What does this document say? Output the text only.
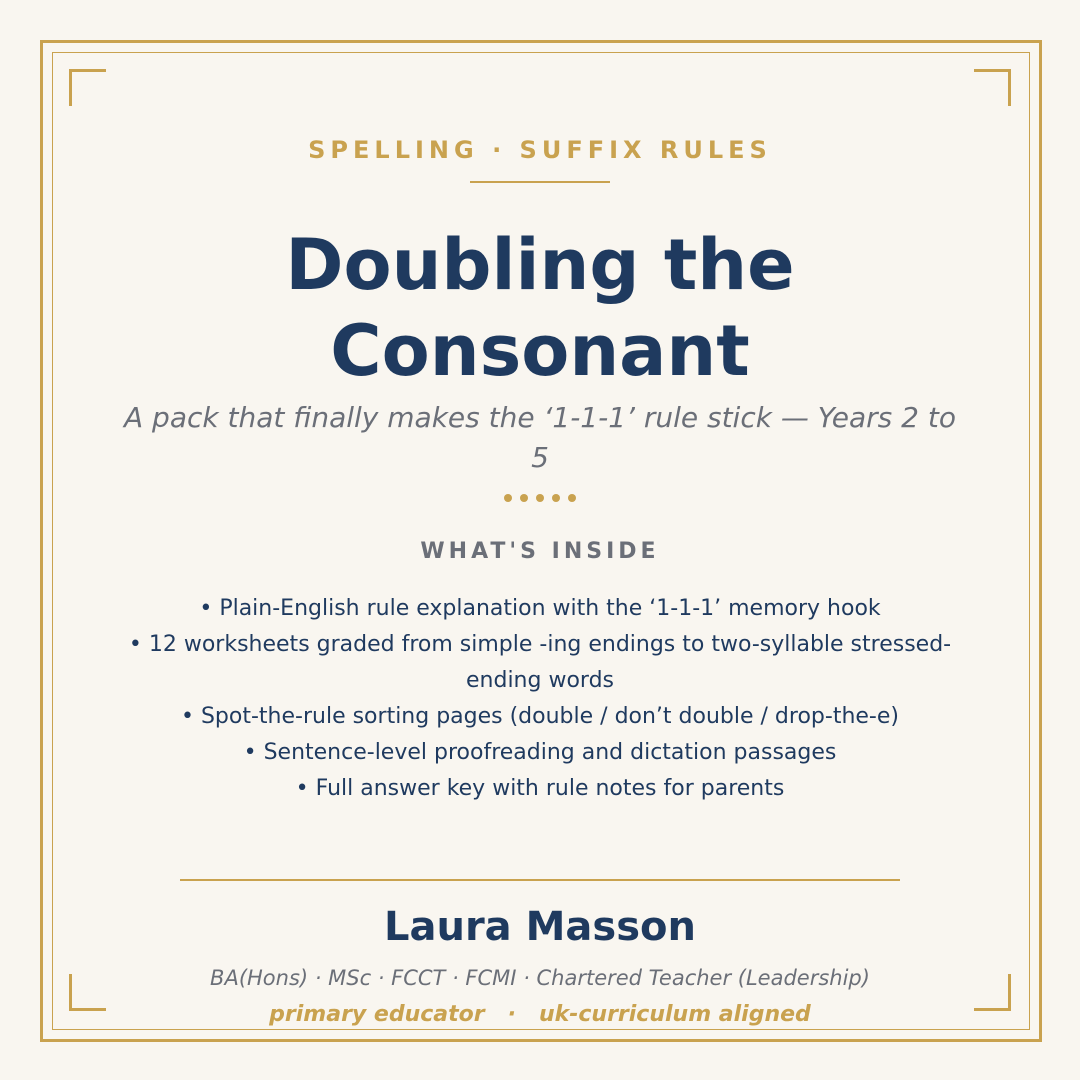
SPELLING · SUFFIX RULES
Doubling the
Consonant
A pack that finally makes the ‘1-1-1’ rule stick — Years 2 to 5
WHAT'S INSIDE
• Plain-English rule explanation with the ‘1-1-1’ memory hook
• 12 worksheets graded from simple -ing endings to two-syllable stressed-ending words
• Spot-the-rule sorting pages (double / don’t double / drop-the-e)
• Sentence-level proofreading and dictation passages
• Full answer key with rule notes for parents
Laura Masson
BA(Hons) · MSc · FCCT · FCMI · Chartered Teacher (Leadership)
primary educator   ·   uk-curriculum aligned
